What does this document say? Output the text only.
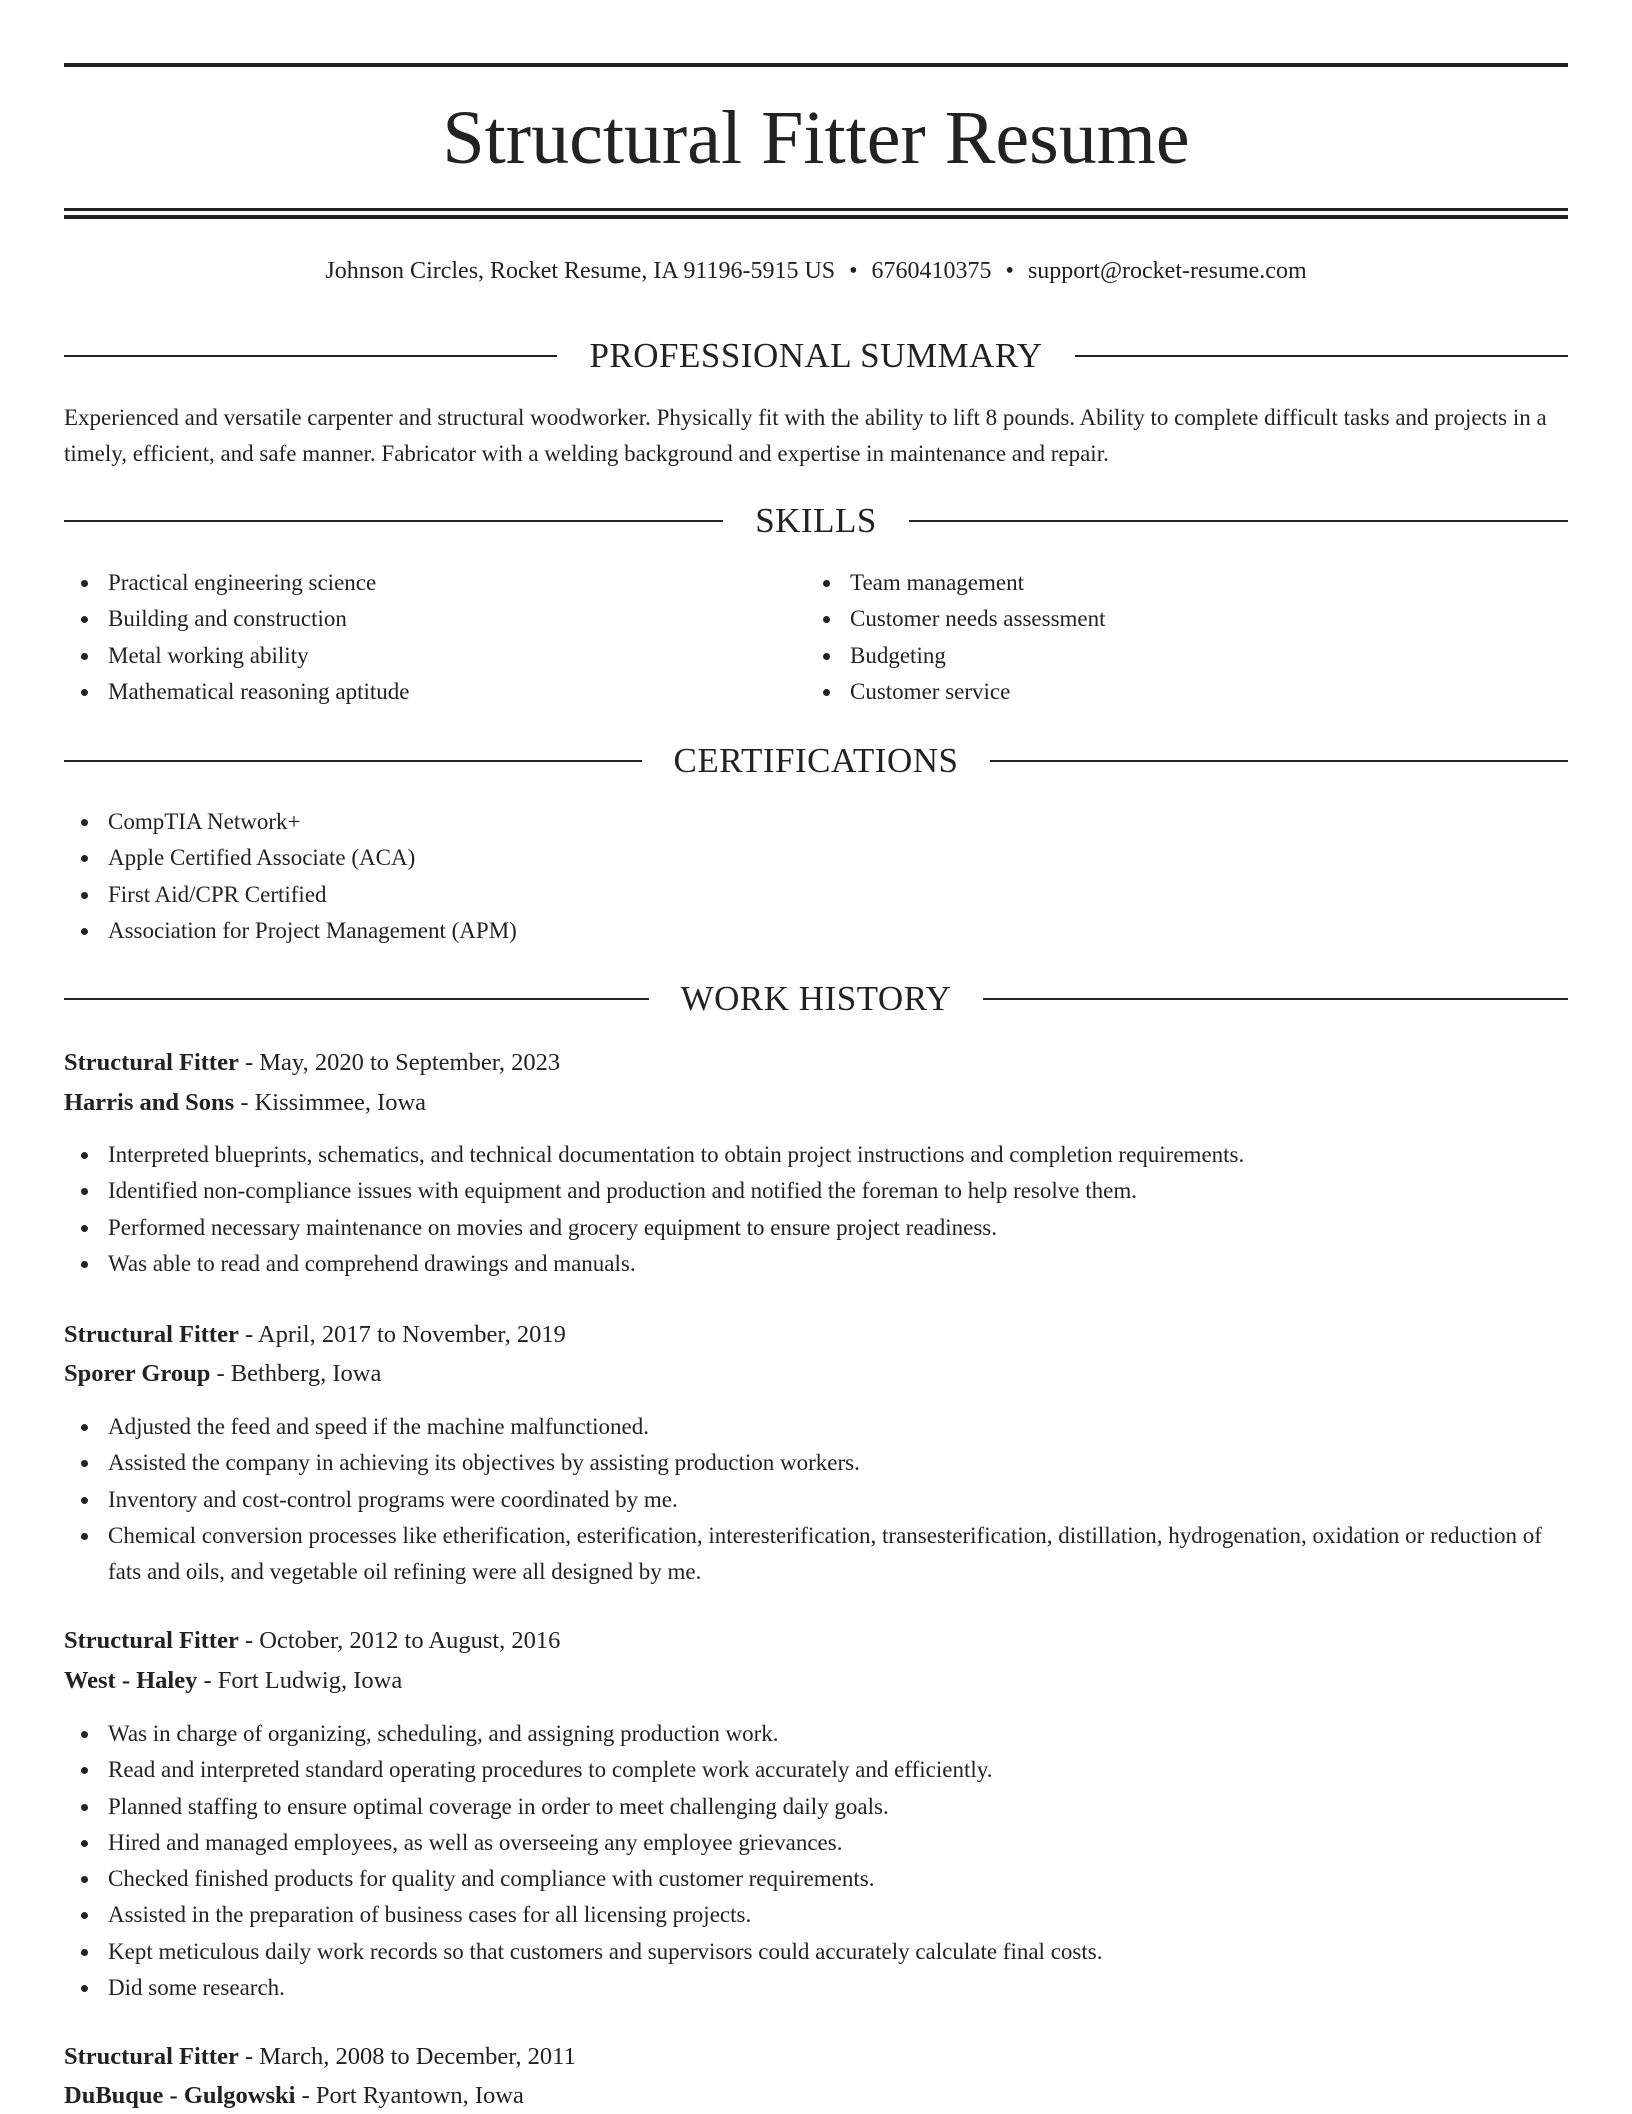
Structural Fitter Resume
Johnson Circles, Rocket Resume, IA 91196-5915 US • 6760410375 • support@rocket-resume.com
PROFESSIONAL SUMMARY

Experienced and versatile carpenter and structural woodworker. Physically fit with the ability to lift 8 pounds. Ability to complete difficult tasks and projects in a timely, efficient, and safe manner. Fabricator with a welding background and expertise in maintenance and repair.

SKILLS
Practical engineering science
Building and construction
Metal working ability
Mathematical reasoning aptitude
Team management
Customer needs assessment
Budgeting
Customer service
CERTIFICATIONS
CompTIA Network+
Apple Certified Associate (ACA)
First Aid/CPR Certified
Association for Project Management (APM)
WORK HISTORY
Structural Fitter - May, 2020 to September, 2023
Harris and Sons - Kissimmee, Iowa
Interpreted blueprints, schematics, and technical documentation to obtain project instructions and completion requirements.
Identified non-compliance issues with equipment and production and notified the foreman to help resolve them.
Performed necessary maintenance on movies and grocery equipment to ensure project readiness.
Was able to read and comprehend drawings and manuals.
Structural Fitter - April, 2017 to November, 2019
Sporer Group - Bethberg, Iowa
Adjusted the feed and speed if the machine malfunctioned.
Assisted the company in achieving its objectives by assisting production workers.
Inventory and cost-control programs were coordinated by me.
Chemical conversion processes like etherification, esterification, interesterification, transesterification, distillation, hydrogenation, oxidation or reduction of fats and oils, and vegetable oil refining were all designed by me.
Structural Fitter - October, 2012 to August, 2016
West - Haley - Fort Ludwig, Iowa
Was in charge of organizing, scheduling, and assigning production work.
Read and interpreted standard operating procedures to complete work accurately and efficiently.
Planned staffing to ensure optimal coverage in order to meet challenging daily goals.
Hired and managed employees, as well as overseeing any employee grievances.
Checked finished products for quality and compliance with customer requirements.
Assisted in the preparation of business cases for all licensing projects.
Kept meticulous daily work records so that customers and supervisors could accurately calculate final costs.
Did some research.
Structural Fitter - March, 2008 to December, 2011
DuBuque - Gulgowski - Port Ryantown, Iowa
